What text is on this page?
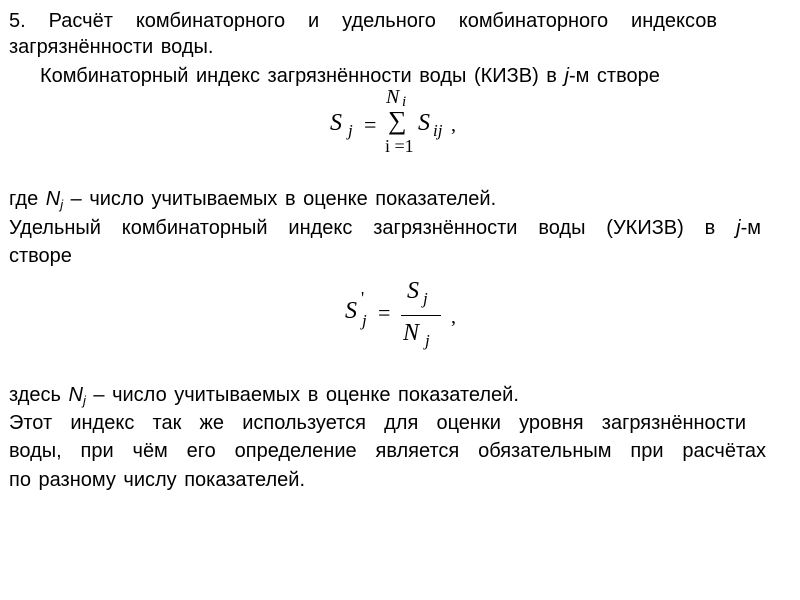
5. Расчёт комбинаторного и удельного комбинаторного индексов
загрязнённости воды.
Комбинаторный индекс загрязнённости воды (КИЗВ) в j-м створе
S j =
N i
∑
i =1
S ij ,
где $N_j$ – число учитываемых в оценке показателей.
Удельный комбинаторный индекс загрязнённости воды (УКИЗВ) в j-м
створе
S '
j =
S j
N j
,
здесь $N_j$ – число учитываемых в оценке показателей.
Этот индекс так же используется для оценки уровня загрязнённости
воды, при чём его определение является обязательным при расчётах
по разному числу показателей.
